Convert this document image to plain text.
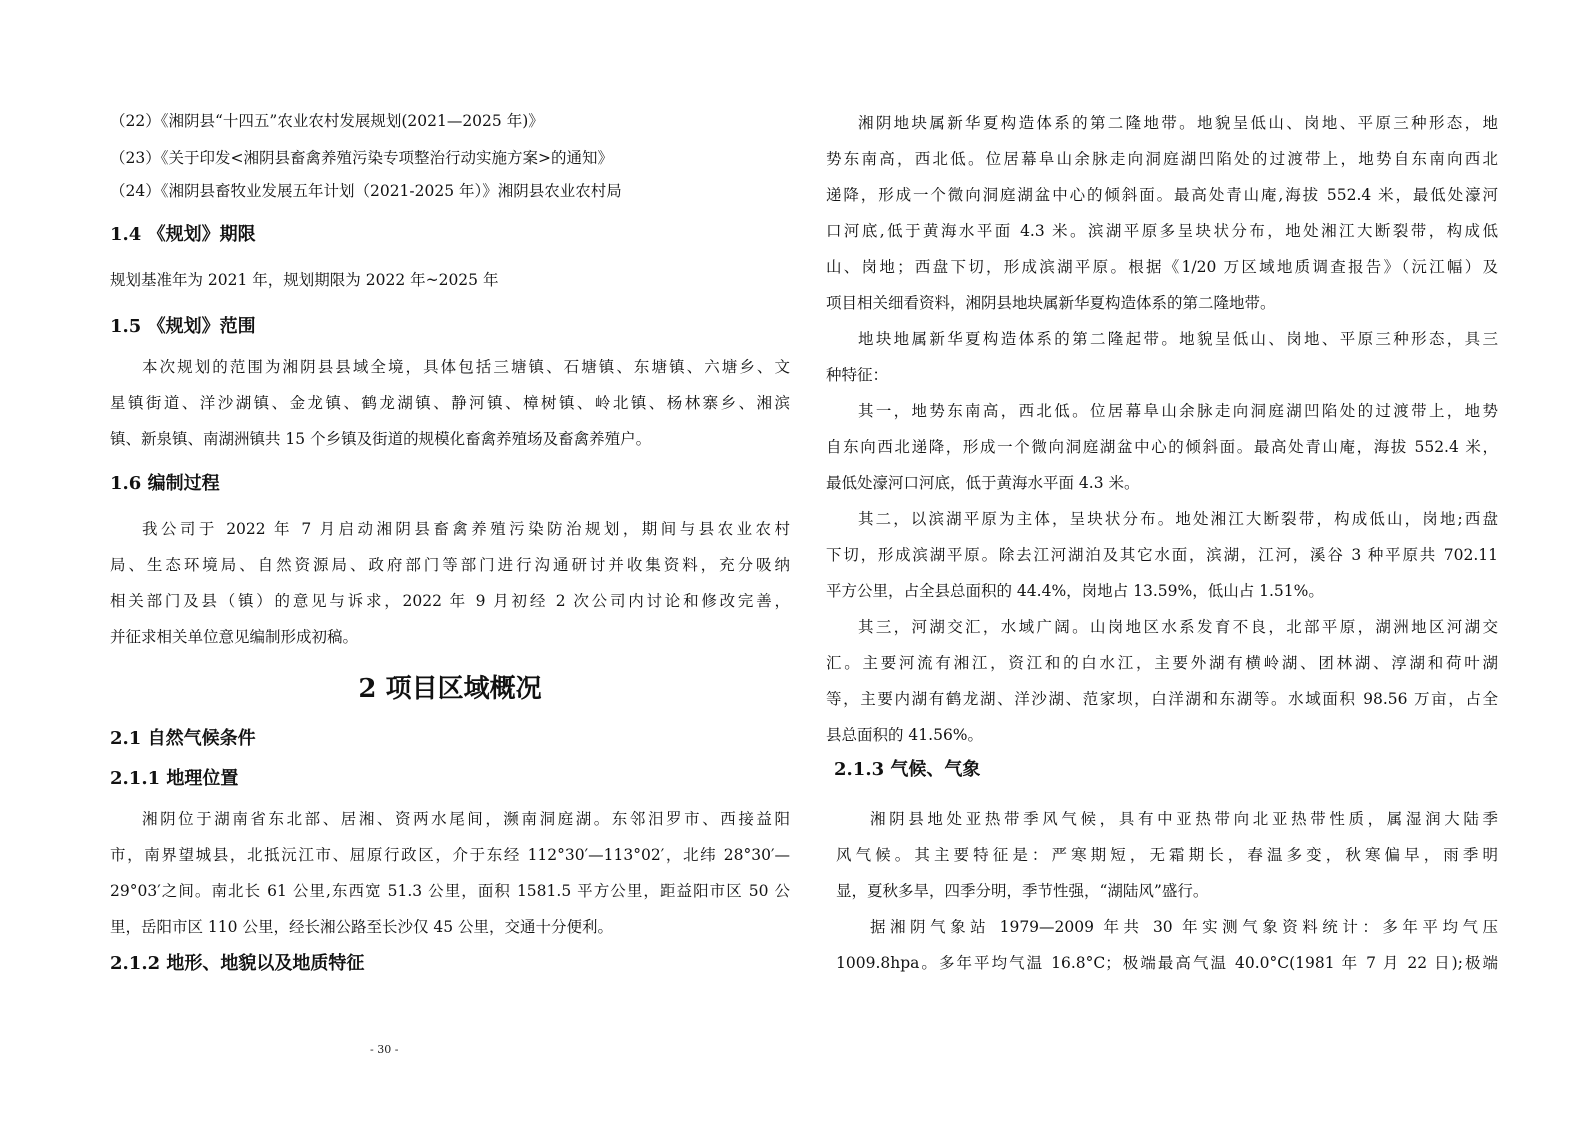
（22）《湘阴县“十四五”农业农村发展规划(2021—2025 年)》
（23）《关于印发<湘阴县畜禽养殖污染专项整治行动实施方案>的通知》
（24）《湘阴县畜牧业发展五年计划（2021-2025 年）》湘阴县农业农村局
1.4 《规划》期限
规划基准年为 2021 年，规划期限为 2022 年~2025 年
1.5 《规划》范围
本次规划的范围为湘阴县县域全境，具体包括三塘镇、石塘镇、东塘镇、六塘乡、文
星镇街道、洋沙湖镇、金龙镇、鹤龙湖镇、静河镇、樟树镇、岭北镇、杨林寨乡、湘滨
镇、新泉镇、南湖洲镇共 15 个乡镇及街道的规模化畜禽养殖场及畜禽养殖户。
1.6 编制过程
我公司于 2022 年 7 月启动湘阴县畜禽养殖污染防治规划，期间与县农业农村
局、生态环境局、自然资源局、政府部门等部门进行沟通研讨并收集资料，充分吸纳
相关部门及县（镇）的意见与诉求，2022 年 9 月初经 2 次公司内讨论和修改完善，
并征求相关单位意见编制形成初稿。
2 项目区域概况
2.1 自然气候条件
2.1.1 地理位置
湘阴位于湖南省东北部、居湘、资两水尾间，濒南洞庭湖。东邻汨罗市、西接益阳
市，南界望城县，北抵沅江市、屈原行政区，介于东经 112°30′—113°02′，北纬 28°30′—
29°03′之间。南北长 61 公里,东西宽 51.3 公里，面积 1581.5 平方公里，距益阳市区 50 公
里，岳阳市区 110 公里，经长湘公路至长沙仅 45 公里，交通十分便利。
2.1.2 地形、地貌以及地质特征
湘阴地块属新华夏构造体系的第二隆地带。地貌呈低山、岗地、平原三种形态，地
势东南高，西北低。位居幕阜山余脉走向洞庭湖凹陷处的过渡带上，地势自东南向西北
递降，形成一个微向洞庭湖盆中心的倾斜面。最高处青山庵,海拔 552.4 米，最低处濠河
口河底,低于黄海水平面 4.3 米。滨湖平原多呈块状分布，地处湘江大断裂带，构成低
山、岗地；西盘下切，形成滨湖平原。根据《1/20 万区域地质调查报告》（沅江幅）及
项目相关细看资料，湘阴县地块属新华夏构造体系的第二隆地带。
地块地属新华夏构造体系的第二隆起带。地貌呈低山、岗地、平原三种形态，具三
种特征：
其一，地势东南高，西北低。位居幕阜山余脉走向洞庭湖凹陷处的过渡带上，地势
自东向西北递降，形成一个微向洞庭湖盆中心的倾斜面。最高处青山庵，海拔 552.4 米，
最低处濠河口河底，低于黄海水平面 4.3 米。
其二，以滨湖平原为主体，呈块状分布。地处湘江大断裂带，构成低山，岗地;西盘
下切，形成滨湖平原。除去江河湖泊及其它水面，滨湖，江河，溪谷 3 种平原共 702.11
平方公里，占全县总面积的 44.4%，岗地占 13.59%，低山占 1.51%。
其三，河湖交汇，水域广阔。山岗地区水系发育不良，北部平原，湖洲地区河湖交
汇。主要河流有湘江，资江和的白水江，主要外湖有横岭湖、团林湖、淳湖和荷叶湖
等，主要内湖有鹤龙湖、洋沙湖、范家坝，白洋湖和东湖等。水域面积 98.56 万亩，占全
县总面积的 41.56%。
2.1.3 气候、气象
湘阴县地处亚热带季风气候，具有中亚热带向北亚热带性质，属湿润大陆季
风气候。其主要特征是：严寒期短，无霜期长，春温多变，秋寒偏早，雨季明
显，夏秋多旱，四季分明，季节性强，“湖陆风”盛行。
据湘阴气象站 1979—2009 年共 30 年实测气象资料统计：多年平均气压
1009.8hpa。多年平均气温 16.8°C；极端最高气温 40.0°C(1981 年 7 月 22 日);极端
- 30 -
